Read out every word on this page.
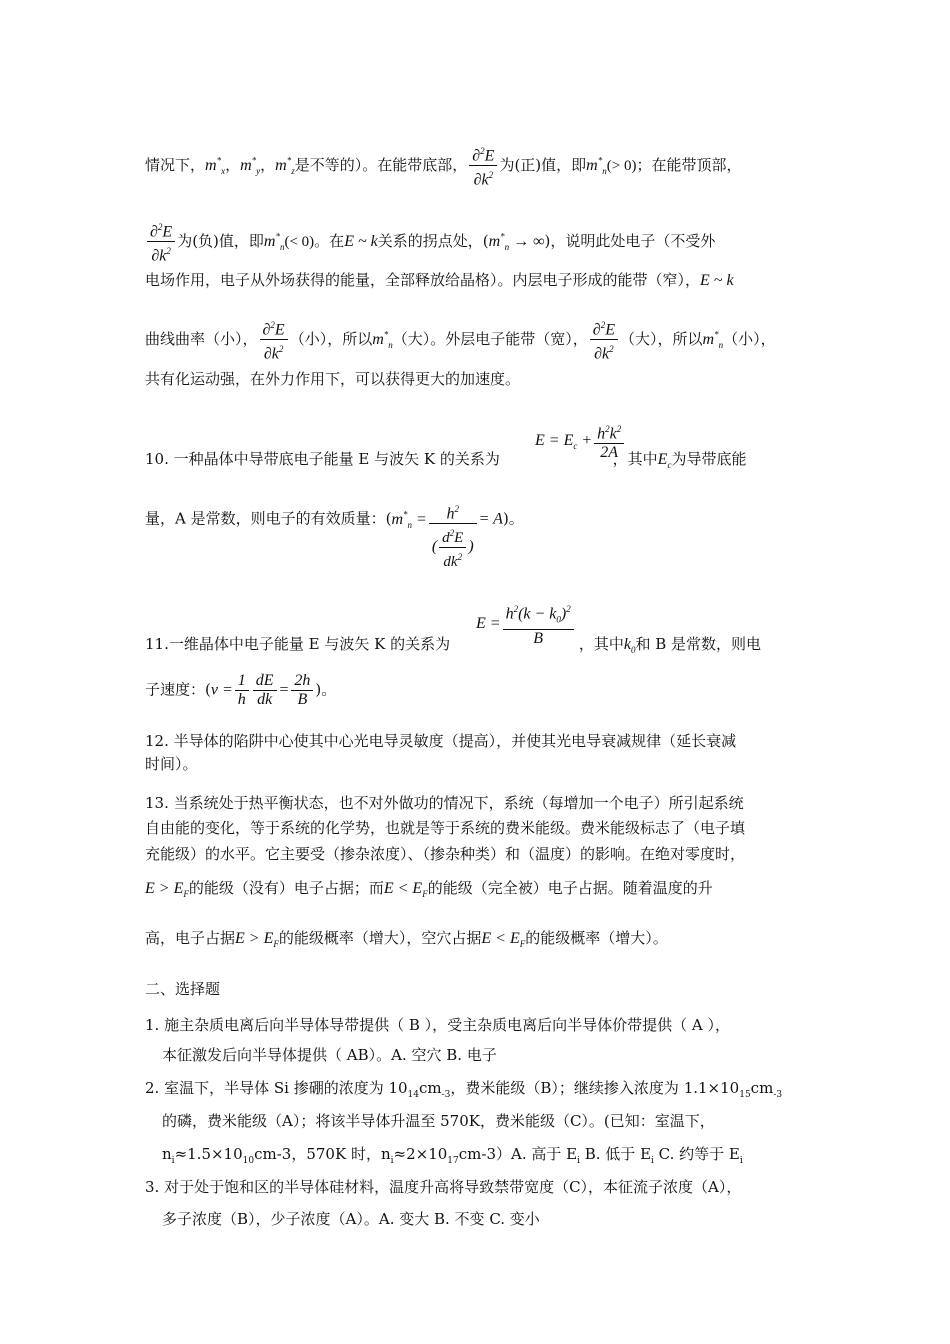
情况下，$m^*_x$，$m^*_y$，$m^*_z$是不等的）。在能带底部， $\frac{\partial^2E}{\partial k^2}$ 为(正)值，即$m^*_n(> 0)$；在能带顶部，
$\frac{\partial^2E}{\partial k^2}$ 为(负)值，即$m^*_n(< 0)$。在E ~ k关系的拐点处，($m^*_n$ → ∞)，说明此处电子（不受外
电场作用，电子从外场获得的能量，全部释放给晶格）。内层电子形成的能带（窄），E ~ k
曲线曲率（小）， $\frac{\partial^2E}{\partial k^2}$ （小），所以$m^*_n$（大）。外层电子能带（宽）， $\frac{\partial^2E}{\partial k^2}$ （大），所以$m^*_n$（小），
共有化运动强，在外力作用下，可以获得更大的加速度。
$E = E_c + \frac{h^2k^2}{2A}$
10. 一种晶体中导带底电子能量 E 与波矢 K 的关系为	，其中$E_c$为导带底能
量，A 是常数，则电子的有效质量：$(m^*_n = \frac{h^2}{( \frac{d^2E}{dk^2} )} = A)$。
$E = \frac{h^2(k - k_0)^2}{B}$
11.一维晶体中电子能量 E 与波矢 K 的关系为	，其中$k_0$和 B 是常数，则电
子速度：($v = \frac{1}{h} \frac{dE}{dk} = \frac{2h}{B}$ )。
12. 半导体的陷阱中心使其中心光电导灵敏度（提高），并使其光电导衰减规律（延长衰减
时间）。
13. 当系统处于热平衡状态，也不对外做功的情况下，系统（每增加一个电子）所引起系统
自由能的变化，等于系统的化学势，也就是等于系统的费米能级。费米能级标志了（电子填
充能级）的水平。它主要受（掺杂浓度）、（掺杂种类）和（温度）的影响。在绝对零度时，
$E > E_F$的能级（没有）电子占据；而$E < E_F$的能级（完全被）电子占据。随着温度的升
高，电子占据$E > E_F$的能级概率（增大），空穴占据$E < E_F$的能级概率（增大）。
二、选择题
1. 施主杂质电离后向半导体导带提供（ B ），受主杂质电离后向半导体价带提供（ A ），
本征激发后向半导体提供（ AB）。A. 空穴 B. 电子
2. 室温下，半导体 Si 掺硼的浓度为 $10_{14}cm_{-3}$，费米能级（B）；继续掺入浓度为 $1.1\times 10_{15}cm_{-3}$
的磷，费米能级（A）；将该半导体升温至 570K，费米能级（C）。(已知：室温下，
$n_i\approx 1.5\times 10_{10}cm-3$，570K 时，$n_i\approx 2\times 10_{17}cm-3)A$. 高于 $E_i$ B. 低于 $E_i$ C. 约等于 $E_i$
3. 对于处于饱和区的半导体硅材料，温度升高将导致禁带宽度（C），本征流子浓度（A），
多子浓度（B），少子浓度（A）。A. 变大 B. 不变 C. 变小
